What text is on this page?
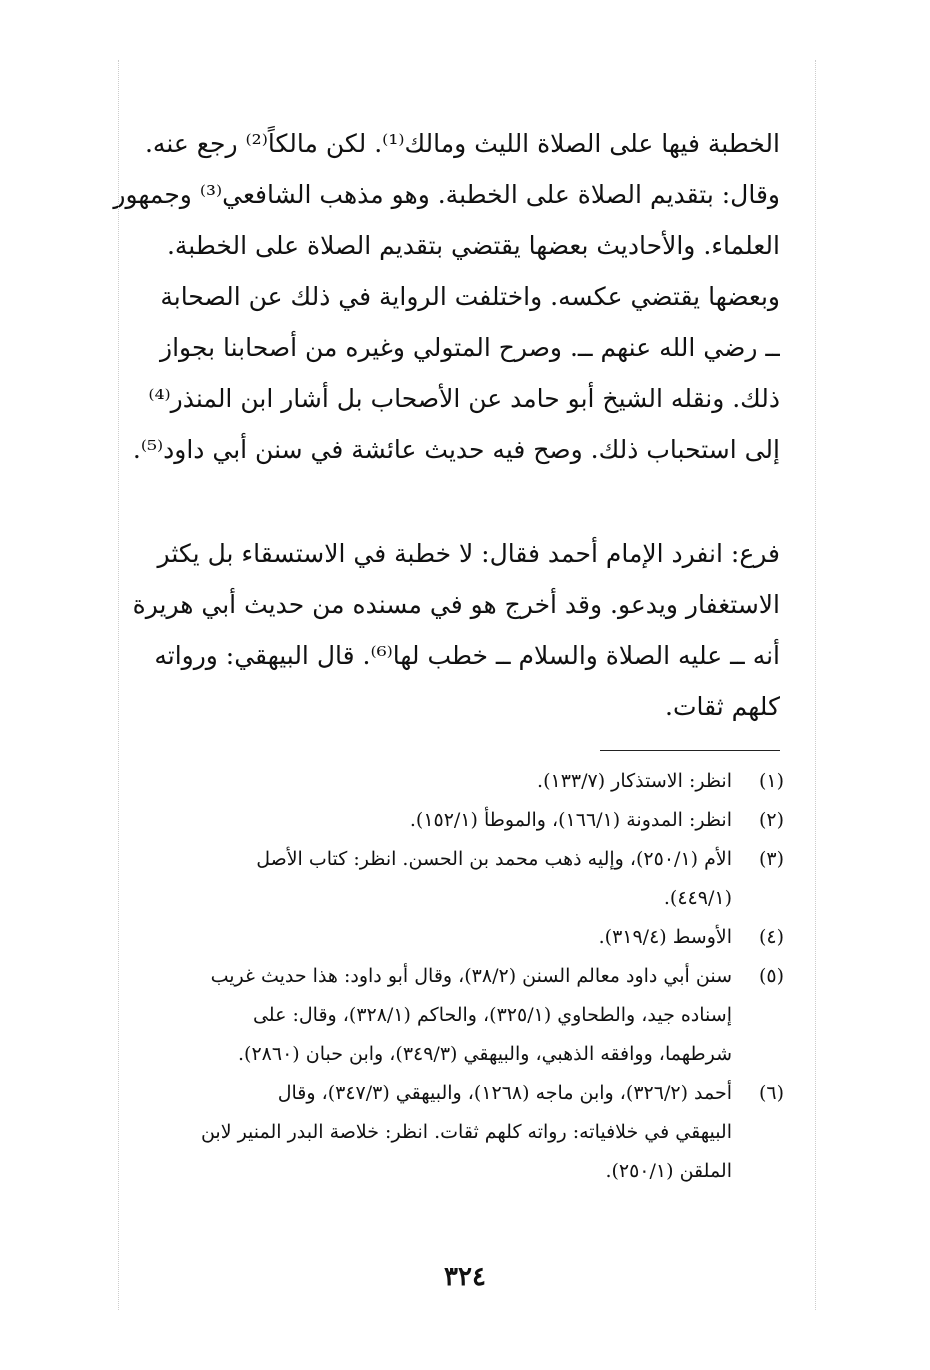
الخطبة فيها على الصلاة الليث ومالك⁽¹⁾. لكن مالكاً⁽²⁾ رجع عنه.
وقال: بتقديم الصلاة على الخطبة. وهو مذهب الشافعي⁽³⁾ وجمهور
العلماء. والأحاديث بعضها يقتضي بتقديم الصلاة على الخطبة.
وبعضها يقتضي عكسه. واختلفت الرواية في ذلك عن الصحابة
ــ رضي الله عنهم ــ. وصرح المتولي وغيره من أصحابنا بجواز
ذلك. ونقله الشيخ أبو حامد عن الأصحاب بل أشار ابن المنذر⁽⁴⁾
إلى استحباب ذلك. وصح فيه حديث عائشة في سنن أبي داود⁽⁵⁾.
فرع: انفرد الإمام أحمد فقال: لا خطبة في الاستسقاء بل يكثر
الاستغفار ويدعو. وقد أخرج هو في مسنده من حديث أبي هريرة
أنه ــ عليه الصلاة والسلام ــ خطب لها⁽⁶⁾. قال البيهقي: ورواته
كلهم ثقات.
(١)
انظر: الاستذكار (١٣٣/٧).
(٢)
انظر: المدونة (١٦٦/١)، والموطأ (١٥٢/١).
(٣)
الأم (٢٥٠/١)، وإليه ذهب محمد بن الحسن. انظر: كتاب الأصل
(٤٤٩/١).
(٤)
الأوسط (٣١٩/٤).
(٥)
سنن أبي داود معالم السنن (٣٨/٢)، وقال أبو داود: هذا حديث غريب
إسناده جيد، والطحاوي (٣٢٥/١)، والحاكم (٣٢٨/١)، وقال: على
شرطهما، ووافقه الذهبي، والبيهقي (٣٤٩/٣)، وابن حبان (٢٨٦٠).
(٦)
أحمد (٣٢٦/٢)، وابن ماجه (١٢٦٨)، والبيهقي (٣٤٧/٣)، وقال
البيهقي في خلافياته: رواته كلهم ثقات. انظر: خلاصة البدر المنير لابن
الملقن (٢٥٠/١).
٣٢٤
